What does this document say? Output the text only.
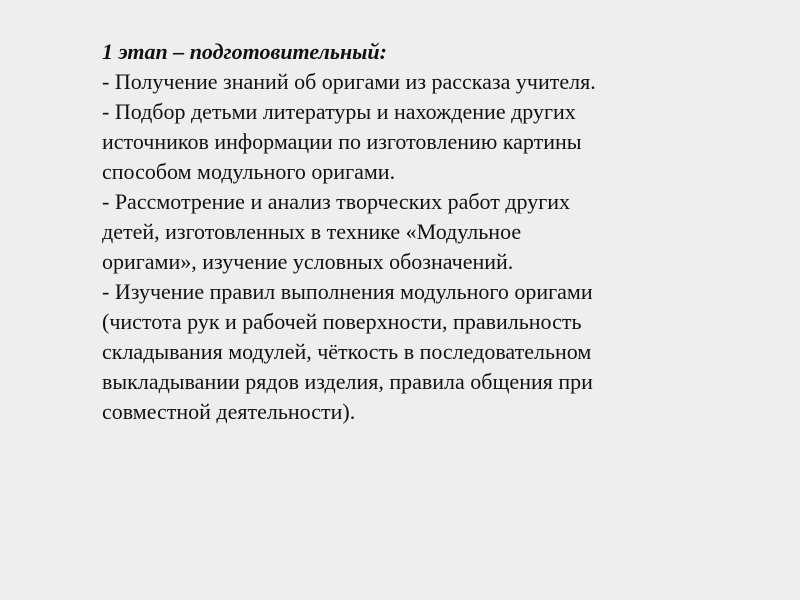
1 этап – подготовительный:
- Получение знаний об оригами из рассказа учителя.
- Подбор детьми литературы и нахождение других
источников информации по изготовлению картины
способом модульного оригами.
- Рассмотрение и анализ творческих работ других
детей, изготовленных в технике «Модульное
оригами», изучение условных обозначений.
- Изучение правил выполнения модульного оригами
(чистота рук и рабочей поверхности, правильность
складывания модулей, чёткость в последовательном
выкладывании рядов изделия, правила общения при
совместной деятельности).
